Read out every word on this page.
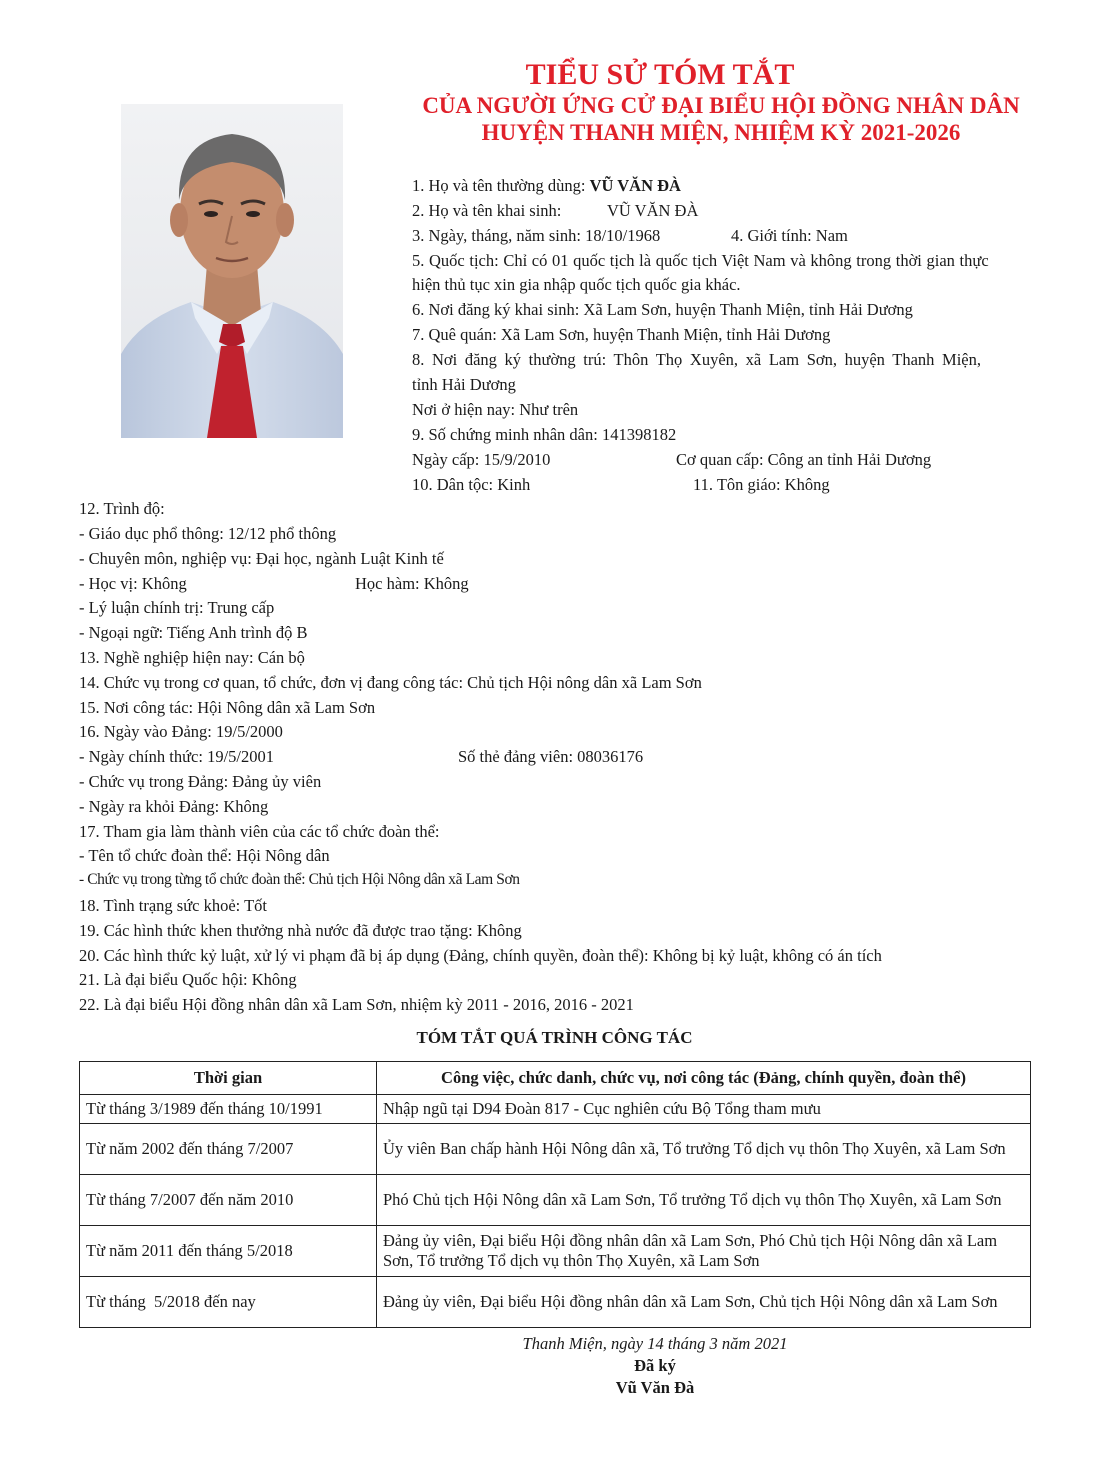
TIỂU SỬ TÓM TẮT
CỦA NGƯỜI ỨNG CỬ ĐẠI BIỂU HỘI ĐỒNG NHÂN DÂN
HUYỆN THANH MIỆN, NHIỆM KỲ 2021-2026
1. Họ và tên thường dùng: VŨ VĂN ĐÀ
2. Họ và tên khai sinh:	VŨ VĂN ĐÀ
3. Ngày, tháng, năm sinh: 18/10/1968	4. Giới tính: Nam
5. Quốc tịch: Chỉ có 01 quốc tịch là quốc tịch Việt Nam và không trong thời gian thực
hiện thủ tục xin gia nhập quốc tịch quốc gia khác.
6. Nơi đăng ký khai sinh: Xã Lam Sơn, huyện Thanh Miện, tỉnh Hải Dương
7. Quê quán: Xã Lam Sơn, huyện Thanh Miện, tỉnh Hải Dương
8. Nơi đăng ký thường trú: Thôn Thọ Xuyên, xã Lam Sơn, huyện Thanh Miện,
tỉnh Hải Dương
Nơi ở hiện nay: Như trên
9. Số chứng minh nhân dân: 141398182
Ngày cấp: 15/9/2010	Cơ quan cấp: Công an tỉnh Hải Dương
10. Dân tộc: Kinh	11. Tôn giáo: Không
12. Trình độ:
- Giáo dục phổ thông: 12/12 phổ thông
- Chuyên môn, nghiệp vụ: Đại học, ngành Luật Kinh tế
- Học vị: Không	Học hàm: Không
- Lý luận chính trị: Trung cấp
- Ngoại ngữ: Tiếng Anh trình độ B
13. Nghề nghiệp hiện nay: Cán bộ
14. Chức vụ trong cơ quan, tổ chức, đơn vị đang công tác: Chủ tịch Hội nông dân xã Lam Sơn
15. Nơi công tác: Hội Nông dân xã Lam Sơn
16. Ngày vào Đảng: 19/5/2000
- Ngày chính thức: 19/5/2001	Số thẻ đảng viên: 08036176
- Chức vụ trong Đảng: Đảng ủy viên
- Ngày ra khỏi Đảng: Không
17. Tham gia làm thành viên của các tổ chức đoàn thể:
- Tên tổ chức đoàn thể: Hội Nông dân
- Chức vụ trong từng tổ chức đoàn thể: Chủ tịch Hội Nông dân xã Lam Sơn
18. Tình trạng sức khoẻ: Tốt
19. Các hình thức khen thưởng nhà nước đã được trao tặng: Không
20. Các hình thức kỷ luật, xử lý vi phạm đã bị áp dụng (Đảng, chính quyền, đoàn thể): Không bị kỷ luật, không có án tích
21. Là đại biểu Quốc hội: Không
22. Là đại biểu Hội đồng nhân dân xã Lam Sơn, nhiệm kỳ 2011 - 2016, 2016 - 2021
TÓM TẮT QUÁ TRÌNH CÔNG TÁC
Thời gian	Công việc, chức danh, chức vụ, nơi công tác (Đảng, chính quyền, đoàn thể)
Từ tháng 3/1989 đến tháng 10/1991	Nhập ngũ tại D94 Đoàn 817 - Cục nghiên cứu Bộ Tổng tham mưu
Từ năm 2002 đến tháng 7/2007	Ủy viên Ban chấp hành Hội Nông dân xã, Tổ trưởng Tổ dịch vụ thôn Thọ Xuyên, xã Lam Sơn
Từ tháng 7/2007 đến năm 2010	Phó Chủ tịch Hội Nông dân xã Lam Sơn, Tổ trưởng Tổ dịch vụ thôn Thọ Xuyên, xã Lam Sơn
Từ năm 2011 đến tháng 5/2018	Đảng ủy viên, Đại biểu Hội đồng nhân dân xã Lam Sơn, Phó Chủ tịch Hội Nông dân xã Lam Sơn, Tổ trưởng Tổ dịch vụ thôn Thọ Xuyên, xã Lam Sơn
Từ tháng  5/2018 đến nay	Đảng ủy viên, Đại biểu Hội đồng nhân dân xã Lam Sơn, Chủ tịch Hội Nông dân xã Lam Sơn
Thanh Miện, ngày 14 tháng 3 năm 2021
Đã ký
Vũ Văn Đà
